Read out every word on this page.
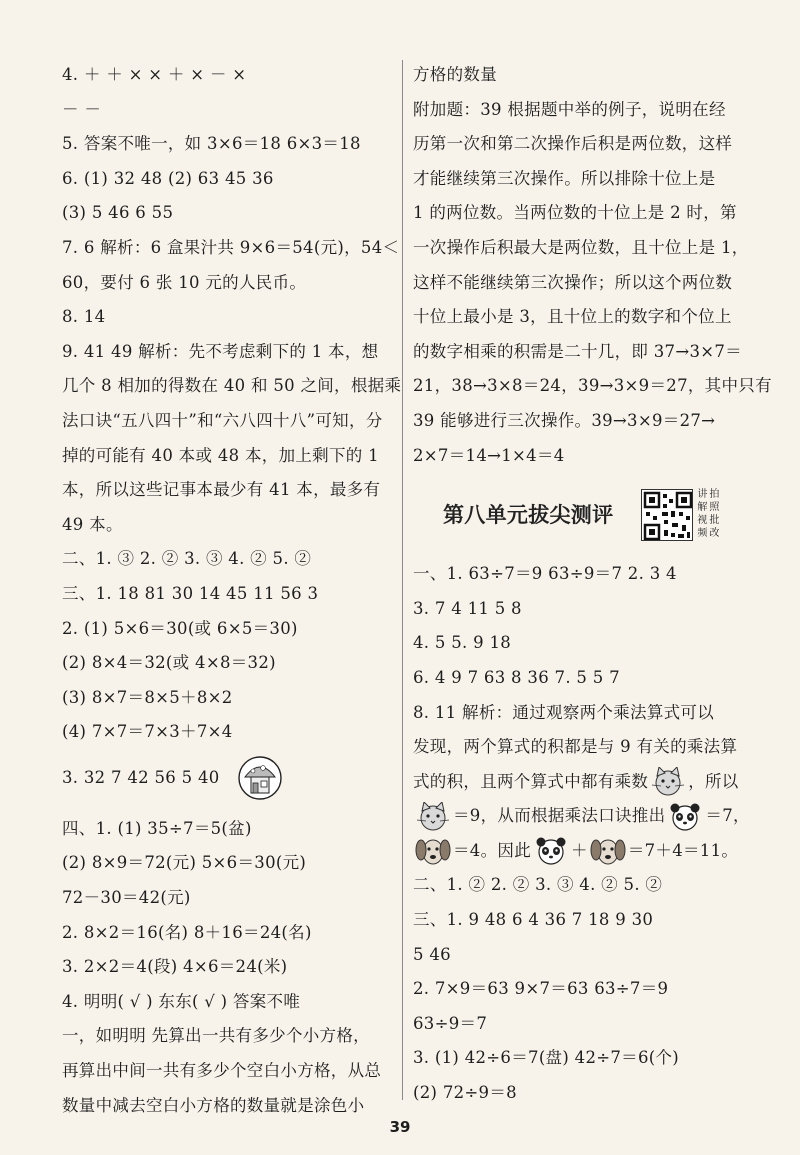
4. ＋ ＋ × × ＋ × － ×
－ －
5. 答案不唯一，如 3×6＝18 6×3＝18
6. (1) 32 48 (2) 63 45 36
(3) 5 46 6 55
7. 6 解析：6 盒果汁共 9×6＝54(元)，54＜
60，要付 6 张 10 元的人民币。
8. 14
9. 41 49 解析：先不考虑剩下的 1 本，想
几个 8 相加的得数在 40 和 50 之间，根据乘
法口诀“五八四十”和“六八四十八”可知，分
掉的可能有 40 本或 48 本，加上剩下的 1
本，所以这些记事本最少有 41 本，最多有
49 本。
二、1. ③ 2. ② 3. ③ 4. ② 5. ②
三、1. 18 81 30 14 45 11 56 3
2. (1) 5×6＝30(或 6×5＝30)
(2) 8×4＝32(或 4×8＝32)
(3) 8×7＝8×5＋8×2
(4) 7×7＝7×3＋7×4
3. 32 7 42 56 5 40
四、1. (1) 35÷7＝5(盆)
(2) 8×9＝72(元) 5×6＝30(元)
72－30＝42(元)
2. 8×2＝16(名) 8＋16＝24(名)
3. 2×2＝4(段) 4×6＝24(米)
4. 明明( √ ) 东东( √ ) 答案不唯
一，如明明 先算出一共有多少个小方格，
再算出中间一共有多少个空白小方格，从总
数量中减去空白小方格的数量就是涂色小
方格的数量
附加题：39 根据题中举的例子，说明在经
历第一次和第二次操作后积是两位数，这样
才能继续第三次操作。所以排除十位上是
1 的两位数。当两位数的十位上是 2 时，第
一次操作后积最大是两位数，且十位上是 1，
这样不能继续第三次操作；所以这个两位数
十位上最小是 3，且十位上的数字和个位上
的数字相乘的积需是二十几，即 37→3×7＝
21，38→3×8＝24，39→3×9＝27，其中只有
39 能够进行三次操作。39→3×9＝27→
2×7＝14→1×4＝4
第八单元拔尖测评
讲 拍
解 照
视 批
频 改
一、1. 63÷7＝9 63÷9＝7 2. 3 4
3. 7 4 11 5 8
4. 5 5. 9 18
6. 4 9 7 63 8 36 7. 5 5 7
8. 11 解析：通过观察两个乘法算式可以
发现，两个算式的积都是与 9 有关的乘法算
式的积，且两个算式中都有乘数 ，所以
＝9，从而根据乘法口诀推出 ＝7，
＝4。因此 ＋ ＝7＋4＝11。
二、1. ② 2. ② 3. ③ 4. ② 5. ②
三、1. 9 48 6 4 36 7 18 9 30
5 46
2. 7×9＝63 9×7＝63 63÷7＝9
63÷9＝7
3. (1) 42÷6＝7(盘) 42÷7＝6(个)
(2) 72÷9＝8
39
